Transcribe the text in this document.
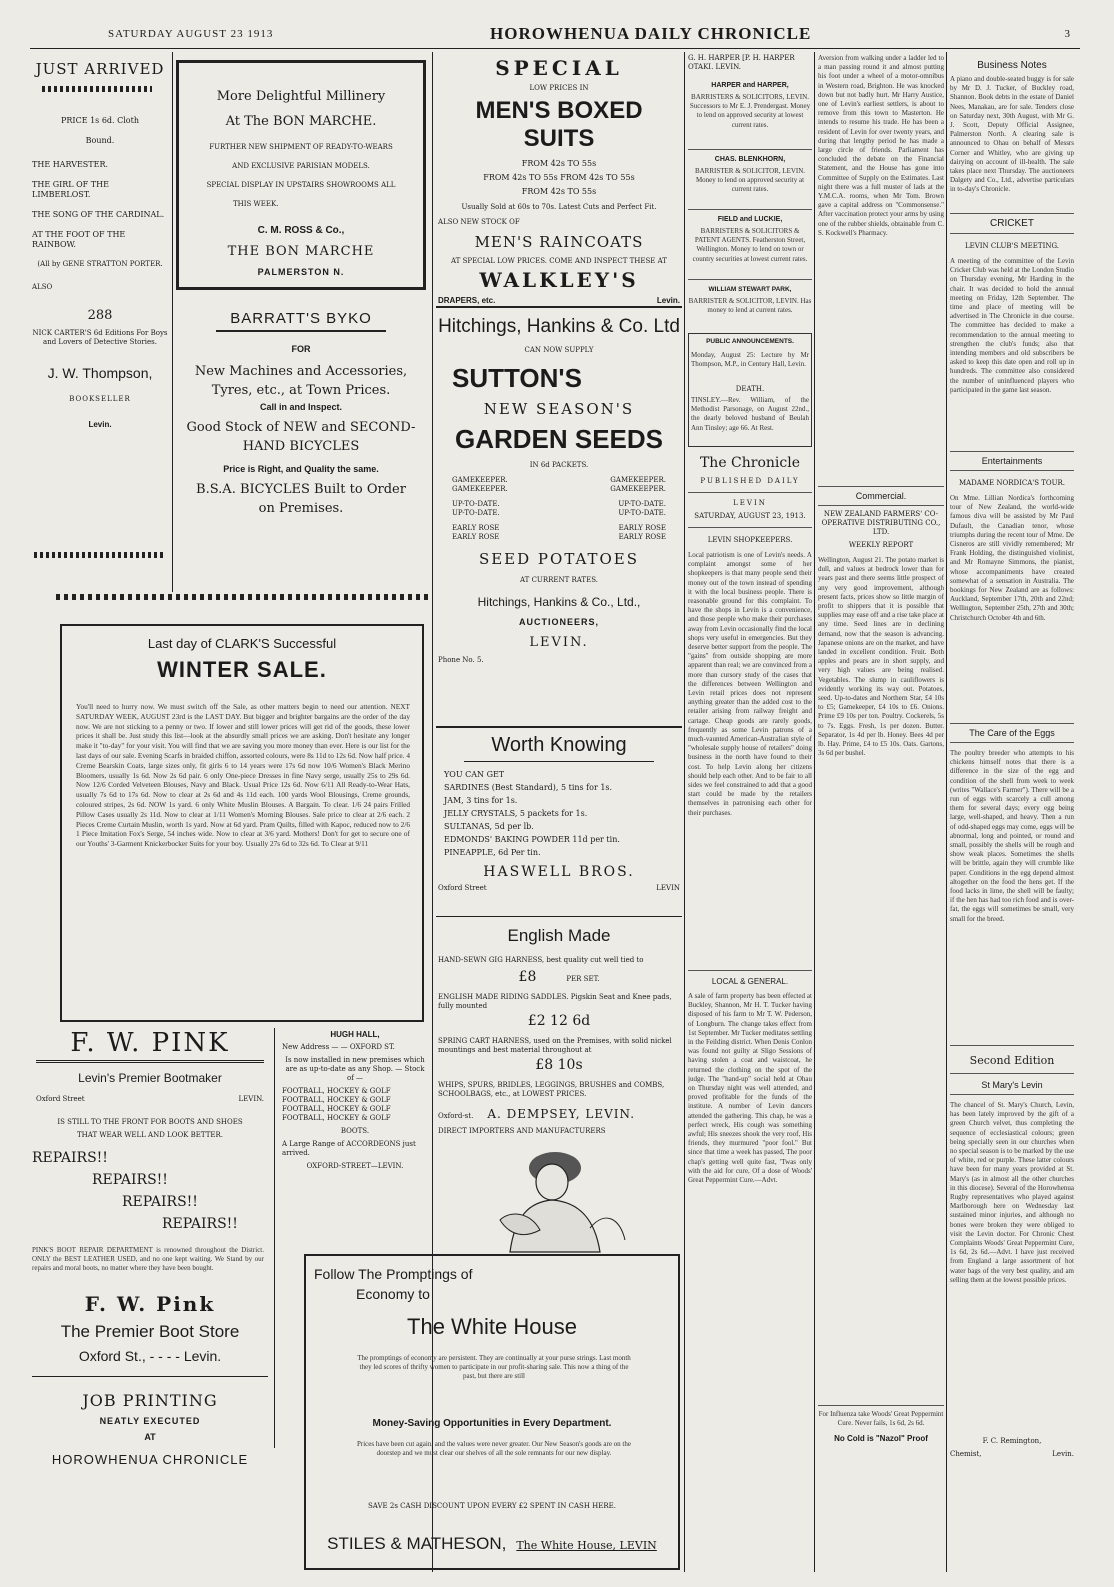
SATURDAY AUGUST 23 1913	HOROWHENUA DAILY CHRONICLE	3
JUST ARRIVED
PRICE 1s 6d. Cloth
Bound.
THE HARVESTER.
THE GIRL OF THE LIMBERLOST.
THE SONG OF THE CARDINAL.
AT THE FOOT OF THE RAINBOW.
(All by GENE STRATTON PORTER.
ALSO
288
NICK CARTER'S 6d Editions For Boys and Lovers of Detective Stories.
J. W. Thompson,
BOOKSELLER
Levin.
More Delightful Millinery
At The BON MARCHE.
FURTHER NEW SHIPMENT OF READY-TO-WEARS
AND EXCLUSIVE PARISIAN MODELS.
SPECIAL DISPLAY IN UPSTAIRS SHOWROOMS ALL
THIS WEEK.
C. M. ROSS & Co.,
THE BON MARCHE
PALMERSTON N.
BARRATT'S BYKO
FOR
New Machines and Accessories,
Tyres, etc., at Town Prices.
Call in and Inspect.
Good Stock of NEW and SECOND-
HAND BICYCLES
Price is Right, and Quality the same.
B.S.A. BICYCLES Built to Order
on Premises.
Last day of CLARK'S Successful
WINTER SALE.
You'll need to hurry now. We must switch off the Sale, as other matters begin to need our attention. NEXT SATURDAY WEEK, AUGUST 23rd is the LAST DAY. But bigger and brighter bargains are the order of the day now. We are not sticking to a penny or two. If lower and still lower prices will get rid of the goods, these lower prices it shall be. Just study this list—look at the absurdly small prices we are asking. Don't hesitate any longer make it "to-day" for your visit. You will find that we are saving you more money than ever. Here is our list for the last days of our sale. Evening Scarfs in braided chiffon, assorted colours, were 8s 11d to 12s 6d. Now half price. 4 Creme Bearskin Coats, large sizes only, fit girls 6 to 14 years were 17s 6d now 10/6 Women's Black Merino Bloomers, usually 1s 6d. Now 2s 6d pair. 6 only One-piece Dresses in fine Navy serge, usually 25s to 29s 6d. Now 12/6 Corded Velveteen Blouses, Navy and Black. Usual Price 12s 6d. Now 6/11 All Ready-to-Wear Hats, usually 7s 6d to 17s 6d. Now to clear at 2s 6d and 4s 11d each. 100 yards Wool Blousings, Creme grounds, coloured stripes, 2s 6d. NOW 1s yard. 6 only White Muslin Blouses. A Bargain. To clear. 1/6 24 pairs Frilled Pillow Cases usually 2s 11d. Now to clear at 1/11 Women's Morning Blouses. Sale price to clear at 2/6 each. 2 Pieces Creme Curtain Muslin, worth 1s yard. Now at 6d yard. Pram Quilts, filled with Kapoc, reduced now to 2/6 1 Piece Imitation Fox's Serge, 54 inches wide. Now to clear at 3/6 yard. Mothers! Don't for get to secure one of our Youths' 3-Garment Knickerbocker Suits for your boy. Usually 27s 6d to 32s 6d. To Clear at 9/11
F. W. PINK
Levin's Premier Bootmaker
Oxford Street	LEVIN.
IS STILL TO THE FRONT FOR BOOTS AND SHOES
THAT WEAR WELL AND LOOK BETTER.
REPAIRS!!
REPAIRS!!
REPAIRS!!
REPAIRS!!
PINK'S BOOT REPAIR DEPARTMENT is renowned throughout the District. ONLY the BEST LEATHER USED, and no one kept waiting. We Stand by our repairs and moral boots, no matter where they have been bought.
F. W. Pink
The Premier Boot Store
Oxford St., - - - - Levin.
JOB PRINTING
NEATLY EXECUTED
AT
HOROWHENUA CHRONICLE
HUGH HALL,
New Address — — OXFORD ST.
Is now installed in new premises which are as up-to-date as any Shop. — Stock of —
FOOTBALL, HOCKEY & GOLF
FOOTBALL, HOCKEY & GOLF
FOOTBALL, HOCKEY & GOLF
FOOTBALL, HOCKEY & GOLF
BOOTS.
A Large Range of ACCORDEONS just arrived.
OXFORD-STREET—LEVIN.
SPECIAL
LOW PRICES IN
MEN'S BOXED SUITS
FROM 42s TO 55s
FROM 42s TO 55s FROM 42s TO 55s
FROM 42s TO 55s
Usually Sold at 60s to 70s. Latest Cuts and Perfect Fit.
ALSO NEW STOCK OF
MEN'S RAINCOATS
AT SPECIAL LOW PRICES. COME AND INSPECT THESE AT
WALKLEY'S
DRAPERS, etc.	Levin.
Hitchings, Hankins & Co. Ltd
CAN NOW SUPPLY
SUTTON'S
NEW SEASON'S
GARDEN SEEDS
IN 6d PACKETS.
GAMEKEEPER.	GAMEKEEPER.
GAMEKEEPER.	GAMEKEEPER.
UP-TO-DATE.	UP-TO-DATE.
UP-TO-DATE.	UP-TO-DATE.
EARLY ROSE	EARLY ROSE
EARLY ROSE	EARLY ROSE
SEED POTATOES
AT CURRENT RATES.
Hitchings, Hankins & Co., Ltd.,
AUCTIONEERS,
LEVIN.
Phone No. 5.
Worth Knowing
YOU CAN GET
SARDINES (Best Standard), 5 tins for 1s.
JAM, 3 tins for 1s.
JELLY CRYSTALS, 5 packets for 1s.
SULTANAS, 5d per lb.
EDMONDS' BAKING POWDER 11d per tin.
PINEAPPLE, 6d Per tin.
HASWELL BROS.
Oxford Street	LEVIN
English Made
HAND-SEWN GIG HARNESS, best quality cut well tied to
£8	PER SET.
ENGLISH MADE RIDING SADDLES. Pigskin Seat and Knee pads, fully mounted
£2 12 6d
SPRING CART HARNESS, used on the Premises, with solid nickel mountings and best material throughout at
£8 10s
WHIPS, SPURS, BRIDLES, LEGGINGS, BRUSHES and COMBS, SCHOOLBAGS, etc., at LOWEST PRICES.
Oxford-st. A. DEMPSEY, LEVIN.
DIRECT IMPORTERS AND MANUFACTURERS
Follow The Promptings of
Economy to
The White House
The promptings of economy are persistent. They are continually at your purse strings. Last month they led scores of thrifty women to participate in our profit-sharing sale. This now a thing of the past, but there are still
Money-Saving Opportunities in Every Department.
Prices have been cut again, and the values were never greater. Our New Season's goods are on the doorstep and we must clear our shelves of all the sole remnants for our new display.
SAVE 2s CASH DISCOUNT UPON EVERY £2 SPENT IN CASH HERE.
STILES & MATHESON, The White House, LEVIN
G. H. HARPER [P. H. HARPER OTAKI. LEVIN.
HARPER and HARPER,
BARRISTERS & SOLICITORS, LEVIN. Successors to Mr E. J. Prendergast. Money to lend on approved security at lowest current rates.
CHAS. BLENKHORN,
BARRISTER & SOLICITOR, LEVIN. Money to lend on approved security at current rates.
FIELD and LUCKIE,
BARRISTERS & SOLICITORS & PATENT AGENTS. Featherston Street, Wellington. Money to lend on town or country securities at lowest current rates.
WILLIAM STEWART PARK,
BARRISTER & SOLICITOR, LEVIN. Has money to lend at current rates.
PUBLIC ANNOUNCEMENTS.
Monday, August 25: Lecture by Mr Thompson, M.P., in Century Hall, Levin.
DEATH.
TINSLEY.—Rev. William, of the Methodist Parsonage, on August 22nd., the dearly beloved husband of Beulah Ann Tinsley; age 66. At Rest.
The Chronicle
PUBLISHED DAILY
LEVIN
SATURDAY, AUGUST 23, 1913.
LEVIN SHOPKEEPERS.
Local patriotism is one of Levin's needs. A complaint amongst some of her shopkeepers is that many people send their money out of the town instead of spending it with the local business people. There is reasonable ground for this complaint. To have the shops in Levin is a convenience, and those people who make their purchases away from Levin occasionally find the local shops very useful in emergencies. But they deserve better support from the people. The "gains" from outside shopping are more apparent than real; we are convinced from a more than cursory study of the cases that the differences between Wellington and Levin retail prices does not represent anything greater than the added cost to the retailer arising from railway freight and cartage. Cheap goods are rarely goods, frequently as some Levin patrons of a much-vaunted American-Australian style of "wholesale supply house of retailers" doing business in the north have found to their cost. To help Levin along her citizens should help each other. And to be fair to all sides we feel constrained to add that a good start could be made by the retailers themselves in patronising each other for their purchases.
LOCAL & GENERAL.
A sale of farm property has been effected at Buckley, Shannon, Mr H. T. Tucker having disposed of his farm to Mr T. W. Pederson, of Longburn. The change takes effect from 1st September. Mr Tucker meditates settling in the Feilding district. When Denis Conlon was found not guilty at Sligo Sessions of having stolen a coat and waistcoat, he returned the clothing on the spot of the judge. The "hand-up" social held at Ohau on Thursday night was well attended, and proved profitable for the funds of the institute. A number of Levin dancers attended the gathering. This chap, he was a perfect wreck, His cough was something awful; His sneezes shook the very roof, His friends, they murmured "poor fool." But since that time a week has passed, The poor chap's getting well quite fast, 'Twas only with the aid for cure, Of a dose of Woods' Great Peppermint Cure.—Advt.
Aversion from walking under a ladder led to a man passing round it and almost putting his foot under a wheel of a motor-omnibus in Western road, Brighton. He was knocked down but not badly hurt. Mr Harry Austice, one of Levin's earliest settlers, is about to remove from this town to Masterton. He intends to resume his trade. He has been a resident of Levin for over twenty years, and during that lengthy period he has made a large circle of friends. Parliament has concluded the debate on the Financial Statement, and the House has gone into Committee of Supply on the Estimates. Last night there was a full muster of lads at the Y.M.C.A. rooms, when Mr Tom. Brown gave a capital address on "Commonsense." After vaccination protect your arms by using one of the rubber shields, obtainable from C. S. Kockwell's Pharmacy.
Commercial.
NEW ZEALAND FARMERS' CO-OPERATIVE DISTRIBUTING CO., LTD.
WEEKLY REPORT
Wellington, August 21. The potato market is dull, and values at bedrock lower than for years past and there seems little prospect of any very good improvement, although present facts, prices show so little margin of profit to shippers that it is possible that supplies may ease off and a rise take place at any time. Seed lines are in declining demand, now that the season is advancing. Japanese onions are on the market, and have landed in excellent condition. Fruit. Both apples and pears are in short supply, and very high values are being realised. Vegetables. The slump in cauliflowers is evidently working its way out. Potatoes, seed. Up-to-dates and Northern Star, £4 10s to £5; Gamekeeper, £4 10s to £6. Onions. Prime £9 10s per ton. Poultry. Cockerels, 5s to 7s. Eggs. Fresh, 1s per dozen. Butter. Separator, 1s 4d per lb. Honey. Bees 4d per lb. Hay. Prime, £4 to £5 10s. Oats. Gartons, 3s 6d per bushel.
For Influenza take Woods' Great Peppermint Cure. Never fails, 1s 6d, 2s 6d.
No Cold is "Nazol" Proof
Business Notes
A piano and double-seated buggy is for sale by Mr D. J. Tucker, of Buckley road, Shannon. Book debts in the estate of Daniel Nees, Manakau, are for sale. Tenders close on Saturday next, 30th August, with Mr G. J. Scott, Deputy Official Assignee, Palmerston North. A clearing sale is announced to Ohau on behalf of Messrs Corner and Whitley, who are giving up dairying on account of ill-health. The sale takes place next Thursday. The auctioneers Dalgety and Co., Ltd., advertise particulars in to-day's Chronicle.
CRICKET
LEVIN CLUB'S MEETING.
A meeting of the committee of the Levin Cricket Club was held at the London Studio on Thursday evening, Mr Harding in the chair. It was decided to hold the annual meeting on Friday, 12th September. The time and place of meeting will be advertised in The Chronicle in due course. The committee has decided to make a recommendation to the annual meeting to strengthen the club's funds; also that intending members and old subscribers be asked to keep this date open and roll up in hundreds. The committee also considered the number of uninfluenced players who participated in the game last season.
Entertainments
MADAME NORDICA'S TOUR.
On Mme. Lillian Nordica's forthcoming tour of New Zealand, the world-wide famous diva will be assisted by Mr Paul Dufault, the Canadian tenor, whose triumphs during the recent tour of Mme. De Cisneros are still vividly remembered; Mr Frank Holding, the distinguished violinist, and Mr Romayne Simmons, the pianist, whose accompaniments have created somewhat of a sensation in Australia. The bookings for New Zealand are as follows: Auckland, September 17th, 20th and 22nd; Wellington, September 25th, 27th and 30th; Christchurch October 4th and 6th.
The Care of the Eggs
The poultry breeder who attempts to his chickens himself notes that there is a difference in the size of the egg and condition of the shell from week to week (writes "Wallace's Farmer"). There will be a run of eggs with scarcely a cull among them for several days; every egg being large, well-shaped, and heavy. Then a run of odd-shaped eggs may come, eggs will be abnormal, long and pointed, or round and small, possibly the shells will be rough and show weak places. Sometimes the shells will be brittle, again they will crumble like paper. Conditions in the egg depend almost altogether on the food the hens get. If the food lacks in lime, the shell will be faulty; if the hen has had too rich food and is over-fat, the eggs will sometimes be small, very small for the breed.
Second Edition
St Mary's Levin
The chancel of St. Mary's Church, Levin, has been lately improved by the gift of a green Church velvet, thus completing the sequence of ecclesiastical colours; green being specially seen in our churches when no special season is to be marked by the use of white, red or purple. These latter colours have been for many years provided at St. Mary's (as in almost all the other churches in this diocese). Several of the Horowhenua Rugby representatives who played against Marlborough here on Wednesday last sustained minor injuries, and although no bones were broken they were obliged to visit the Levin doctor. For Chronic Chest Complaints Woods' Great Peppermint Cure, 1s 6d, 2s 6d.—Advt. I have just received from England a large assortment of hot water bags of the very best quality, and am selling them at the lowest possible prices.
F. C. Remington,
Chemist,	Levin.
